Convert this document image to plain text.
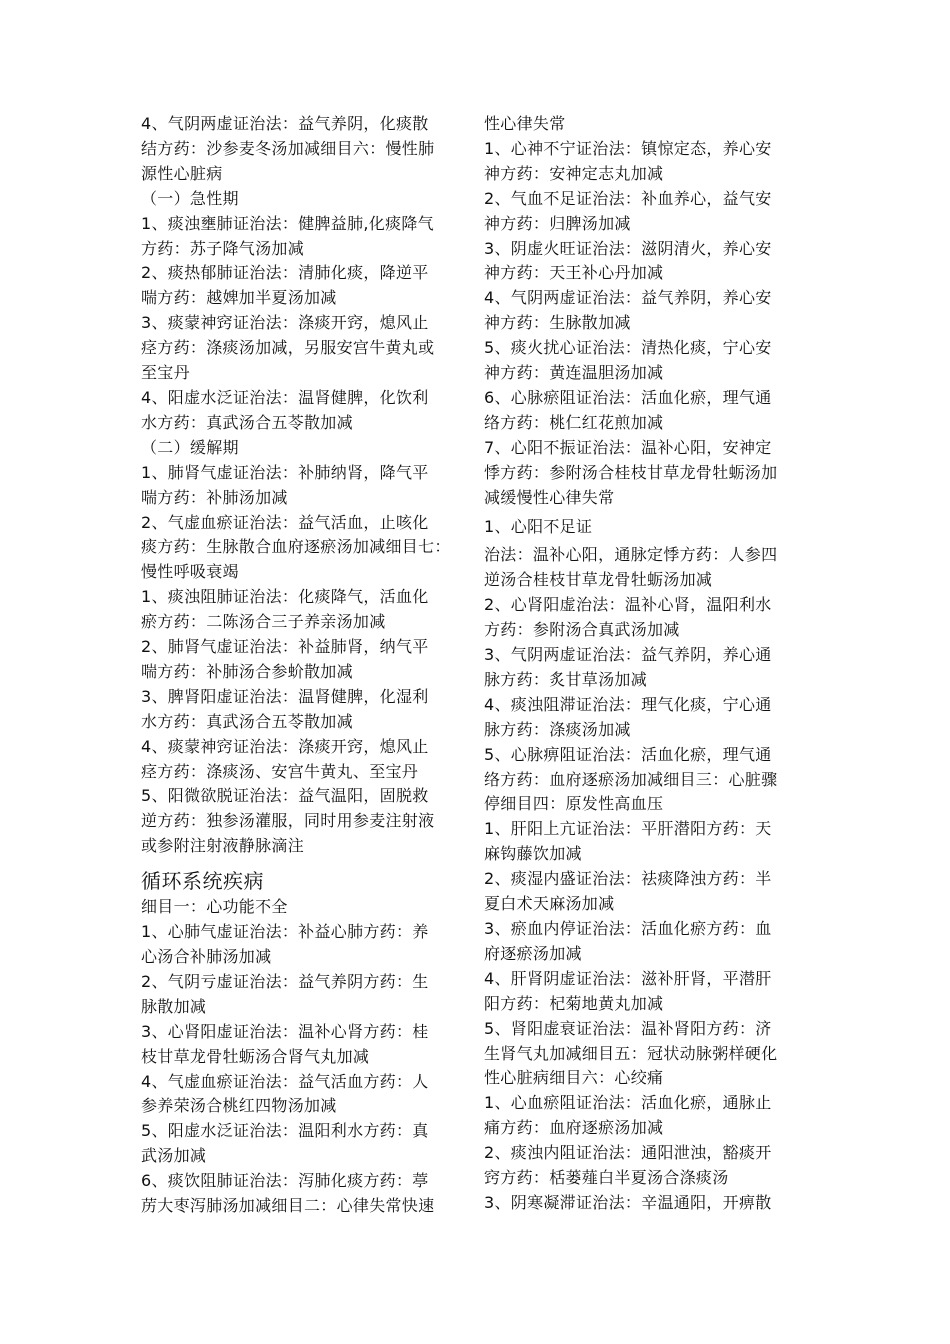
4、气阴两虚证治法：益气养阴，化痰散

结方药：沙参麦冬汤加减细目六：慢性肺

源性心脏病

（一）急性期

1、痰浊壅肺证治法：健脾益肺,化痰降气

方药：苏子降气汤加减

2、痰热郁肺证治法：清肺化痰，降逆平

喘方药：越婢加半夏汤加减

3、痰蒙神窍证治法：涤痰开窍，熄风止

痉方药：涤痰汤加减，另服安宫牛黄丸或

至宝丹

4、阳虚水泛证治法：温肾健脾，化饮利

水方药：真武汤合五苓散加减

（二）缓解期

1、肺肾气虚证治法：补肺纳肾，降气平

喘方药：补肺汤加减

2、气虚血瘀证治法：益气活血，止咳化

痰方药：生脉散合血府逐瘀汤加减细目七：

慢性呼吸衰竭

1、痰浊阻肺证治法：化痰降气，活血化

瘀方药：二陈汤合三子养亲汤加减

2、肺肾气虚证治法：补益肺肾，纳气平

喘方药：补肺汤合参蚧散加减

3、脾肾阳虚证治法：温肾健脾，化湿利

水方药：真武汤合五苓散加减

4、痰蒙神窍证治法：涤痰开窍，熄风止

痉方药：涤痰汤、安宫牛黄丸、至宝丹

5、阳微欲脱证治法：益气温阳，固脱救

逆方药：独参汤灌服，同时用参麦注射液

或参附注射液静脉滴注

循环系统疾病

细目一：心功能不全

1、心肺气虚证治法：补益心肺方药：养

心汤合补肺汤加减

2、气阴亏虚证治法：益气养阴方药：生

脉散加减

3、心肾阳虚证治法：温补心肾方药：桂

枝甘草龙骨牡蛎汤合肾气丸加减

4、气虚血瘀证治法：益气活血方药：人

参养荣汤合桃红四物汤加减

5、阳虚水泛证治法：温阳利水方药：真

武汤加减

6、痰饮阻肺证治法：泻肺化痰方药：葶

苈大枣泻肺汤加减细目二：心律失常快速

性心律失常

1、心神不宁证治法：镇惊定态，养心安

神方药：安神定志丸加减

2、气血不足证治法：补血养心，益气安

神方药：归脾汤加减

3、阴虚火旺证治法：滋阴清火，养心安

神方药：天王补心丹加减

4、气阴两虚证治法：益气养阴，养心安

神方药：生脉散加减

5、痰火扰心证治法：清热化痰，宁心安

神方药：黄连温胆汤加减

6、心脉瘀阻证治法：活血化瘀，理气通

络方药：桃仁红花煎加减

7、心阳不振证治法：温补心阳，安神定

悸方药：参附汤合桂枝甘草龙骨牡蛎汤加

减缓慢性心律失常

1、心阳不足证

治法：温补心阳，通脉定悸方药：人参四

逆汤合桂枝甘草龙骨牡蛎汤加减

2、心肾阳虚治法：温补心肾，温阳利水

方药：参附汤合真武汤加减

3、气阴两虚证治法：益气养阴，养心通

脉方药：炙甘草汤加减

4、痰浊阻滞证治法：理气化痰，宁心通

脉方药：涤痰汤加减

5、心脉痹阻证治法：活血化瘀，理气通

络方药：血府逐瘀汤加减细目三：心脏骤

停细目四：原发性高血压

1、肝阳上亢证治法：平肝潜阳方药：天

麻钩藤饮加减

2、痰湿内盛证治法：祛痰降浊方药：半

夏白术天麻汤加减

3、瘀血内停证治法：活血化瘀方药：血

府逐瘀汤加减

4、肝肾阴虚证治法：滋补肝肾，平潜肝

阳方药：杞菊地黄丸加减

5、肾阳虚衰证治法：温补肾阳方药：济

生肾气丸加减细目五：冠状动脉粥样硬化

性心脏病细目六：心绞痛

1、心血瘀阻证治法：活血化瘀，通脉止

痛方药：血府逐瘀汤加减

2、痰浊内阻证治法：通阳泄浊，豁痰开

窍方药：栝蒌薤白半夏汤合涤痰汤

3、阴寒凝滞证治法：辛温通阳，开痹散
